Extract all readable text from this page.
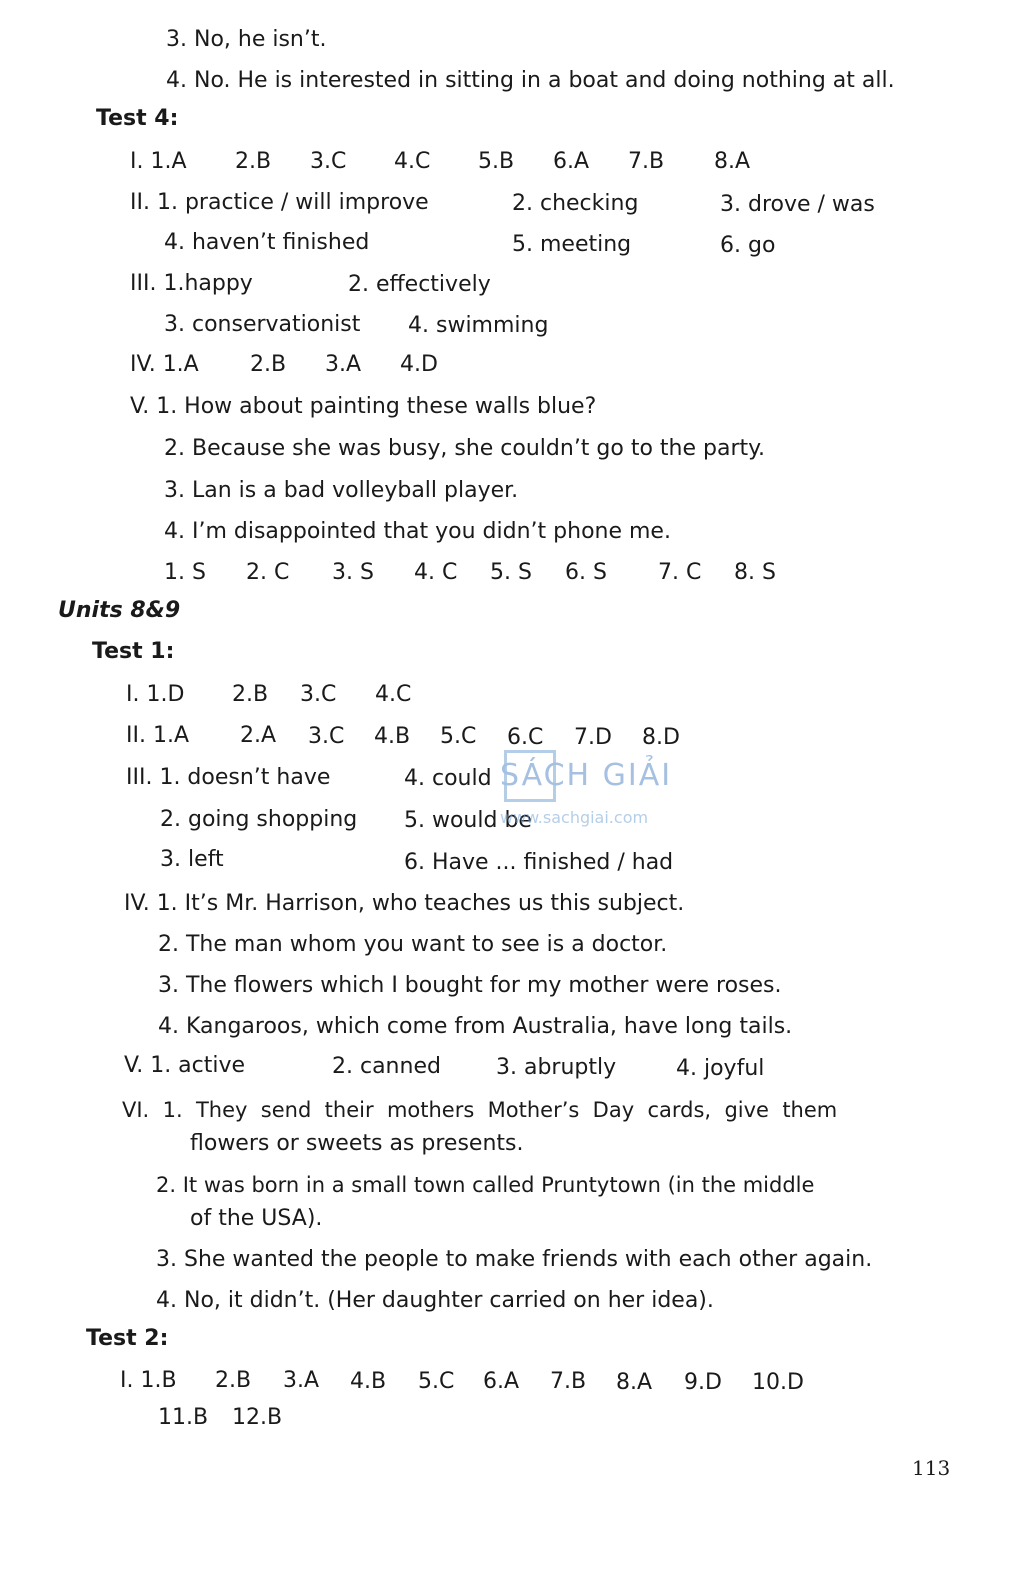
3. No, he isn’t.
4. No. He is interested in sitting in a boat and doing nothing at all.
Test 4:
I. 1.A 2.B 3.C 4.C 5.B 6.A 7.B 8.A
II. 1. practice / will improve	2. checking	3. drove / was
4. haven’t finished	5. meeting	6. go
III. 1.happy	2. effectively
3. conservationist 4. swimming
IV. 1.A 2.B 3.A 4.D
V. 1. How about painting these walls blue?
2. Because she was busy, she couldn’t go to the party.
3. Lan is a bad volleyball player.
4. I’m disappointed that you didn’t phone me.
1. S 2. C 3. S 4. C 5. S 6. S 7. C 8. S
Units 8&9
Test 1:
I. 1.D 2.B 3.C 4.C
II. 1.A 2.A 3.C 4.B 5.C 6.C 7.D 8.D
III. 1. doesn’t have	4. could
2. going shopping 5. would be
3. left	6. Have ... finished / had
IV. 1. It’s Mr. Harrison, who teaches us this subject.
2. The man whom you want to see is a doctor.
3. The flowers which I bought for my mother were roses.
4. Kangaroos, which come from Australia, have long tails.
V. 1. active	2. canned	3. abruptly	4. joyful
VI.  1.  They  send  their  mothers  Mother’s  Day  cards,  give  them
flowers or sweets as presents.
2. It was born in a small town called Pruntytown (in the middle
of the USA).
3. She wanted the people to make friends with each other again.
4. No, it didn’t. (Her daughter carried on her idea).
Test 2:
I. 1.B 2.B 3.A 4.B 5.C 6.A 7.B 8.A 9.D 10.D
11.B 12.B
113
SÁCH GIẢI
www.sachgiai.com
